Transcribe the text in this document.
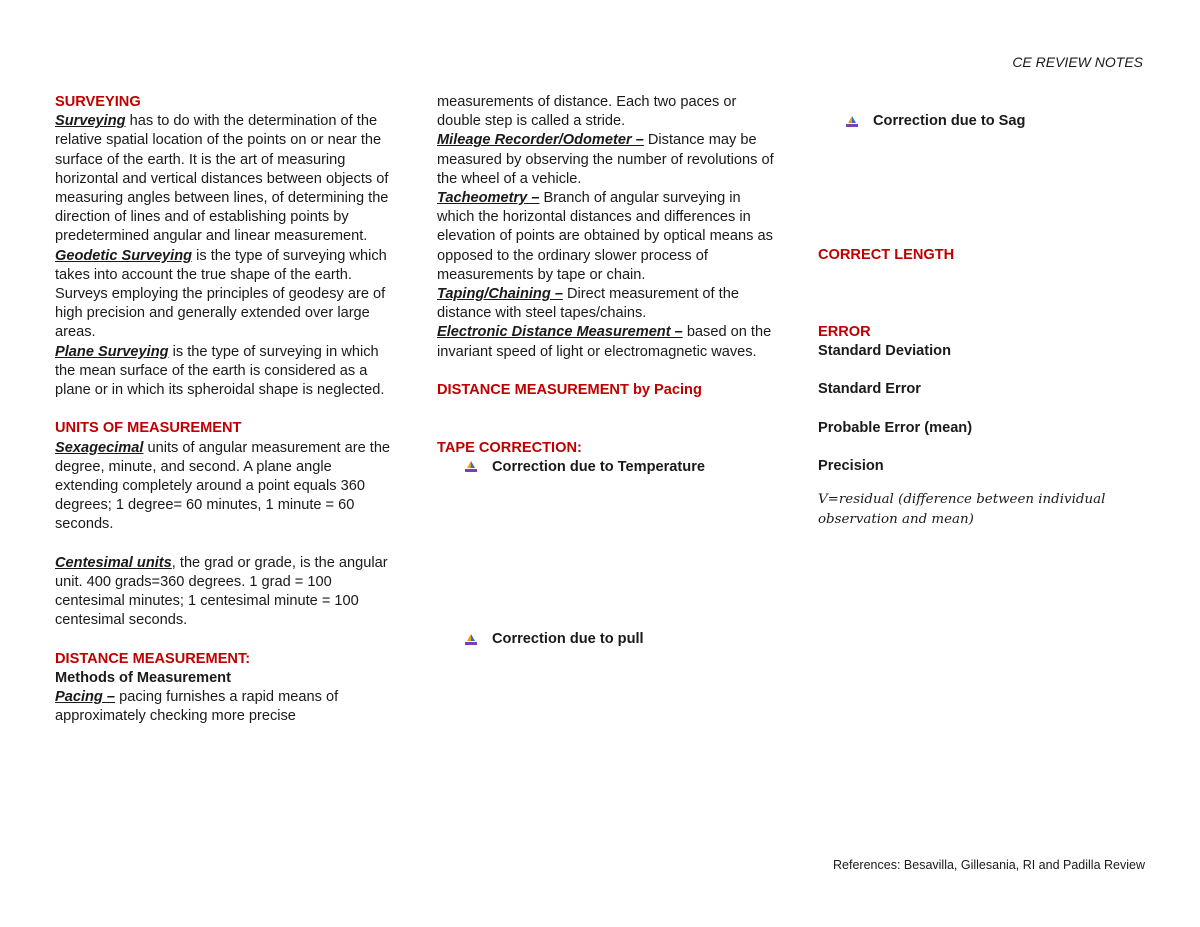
CE REVIEW NOTES
SURVEYING
Surveying has to do with the determination of the relative spatial location of the points on or near the surface of the earth. It is the art of measuring horizontal and vertical distances between objects of measuring angles between lines, of determining the direction of lines and of establishing points by predetermined angular and linear measurement.
Geodetic Surveying is the type of surveying which takes into account the true shape of the earth. Surveys employing the principles of geodesy are of high precision and generally extended over large areas.
Plane Surveying is the type of surveying in which the mean surface of the earth is considered as a plane or in which its spheroidal shape is neglected.
UNITS OF MEASUREMENT
Sexagecimal units of angular measurement are the degree, minute, and second. A plane angle extending completely around a point equals 360 degrees; 1 degree= 60 minutes, 1 minute = 60 seconds.
Centesimal units, the grad or grade, is the angular unit. 400 grads=360 degrees. 1 grad = 100 centesimal minutes; 1 centesimal minute = 100 centesimal seconds.
DISTANCE MEASUREMENT:
Methods of Measurement
Pacing – pacing furnishes a rapid means of approximately checking more precise
measurements of distance. Each two paces or double step is called a stride.
Mileage Recorder/Odometer – Distance may be measured by observing the number of revolutions of the wheel of a vehicle.
Tacheometry – Branch of angular surveying in which the horizontal distances and differences in elevation of points are obtained by optical means as opposed to the ordinary slower process of measurements by tape or chain.
Taping/Chaining – Direct measurement of the distance with steel tapes/chains.
Electronic Distance Measurement – based on the invariant speed of light or electromagnetic waves.
DISTANCE MEASUREMENT by Pacing
TAPE CORRECTION:
Correction due to Temperature
Correction due to pull
Correction due to Sag
CORRECT LENGTH
ERROR
Standard Deviation
Standard Error
Probable Error (mean)
Precision
V=residual (difference between individual observation and mean)
References: Besavilla, Gillesania, RI and Padilla Review
